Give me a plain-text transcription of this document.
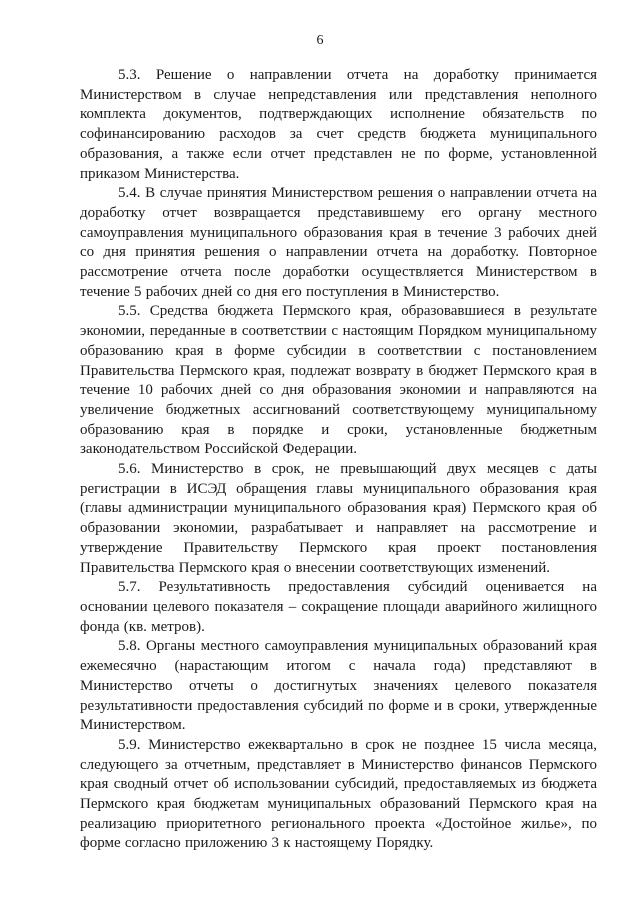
6

5.3. Решение о направлении отчета на доработку принимается Министерством в случае непредставления или представления неполного комплекта документов, подтверждающих исполнение обязательств по софинансированию расходов за счет средств бюджета муниципального образования, а также если отчет представлен не по форме, установленной приказом Министерства.

5.4. В случае принятия Министерством решения о направлении отчета на доработку отчет возвращается представившему его органу местного самоуправления муниципального образования края в течение 3 рабочих дней со дня принятия решения о направлении отчета на доработку. Повторное рассмотрение отчета после доработки осуществляется Министерством в течение 5 рабочих дней со дня его поступления в Министерство.

5.5. Средства бюджета Пермского края, образовавшиеся в результате экономии, переданные в соответствии с настоящим Порядком муниципальному образованию края в форме субсидии в соответствии с постановлением Правительства Пермского края, подлежат возврату в бюджет Пермского края в течение 10 рабочих дней со дня образования экономии и направляются на увеличение бюджетных ассигнований соответствующему муниципальному образованию края в порядке и сроки, установленные бюджетным законодательством Российской Федерации.

5.6. Министерство в срок, не превышающий двух месяцев с даты регистрации в ИСЭД обращения главы муниципального образования края (главы администрации муниципального образования края) Пермского края об образовании экономии, разрабатывает и направляет на рассмотрение и утверждение Правительству Пермского края проект постановления Правительства Пермского края о внесении соответствующих изменений.

5.7. Результативность предоставления субсидий оценивается на основании целевого показателя – сокращение площади аварийного жилищного фонда (кв. метров).

5.8. Органы местного самоуправления муниципальных образований края ежемесячно (нарастающим итогом с начала года) представляют в Министерство отчеты о достигнутых значениях целевого показателя результативности предоставления субсидий по форме и в сроки, утвержденные Министерством.

5.9. Министерство ежеквартально в срок не позднее 15 числа месяца, следующего за отчетным, представляет в Министерство финансов Пермского края сводный отчет об использовании субсидий, предоставляемых из бюджета Пермского края бюджетам муниципальных образований Пермского края на реализацию приоритетного регионального проекта «Достойное жилье», по форме согласно приложению 3 к настоящему Порядку.
